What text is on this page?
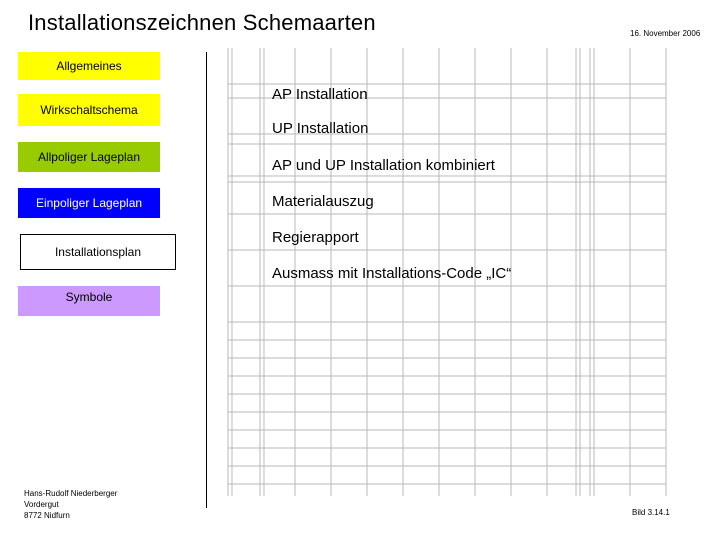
Installationszeichnen Schemaarten	16. November 2006
Allgemeines
Wirkschaltschema
Allpoliger Lageplan
Einpoliger Lageplan
Installationsplan
Symbole
AP Installation
UP Installation
AP und UP Installation kombiniert
Materialauszug
Regierapport
Ausmass mit Installations-Code „IC“
Hans-Rudolf Niederberger
Vordergut
8772 Nidfurn	Bild 3.14.1
